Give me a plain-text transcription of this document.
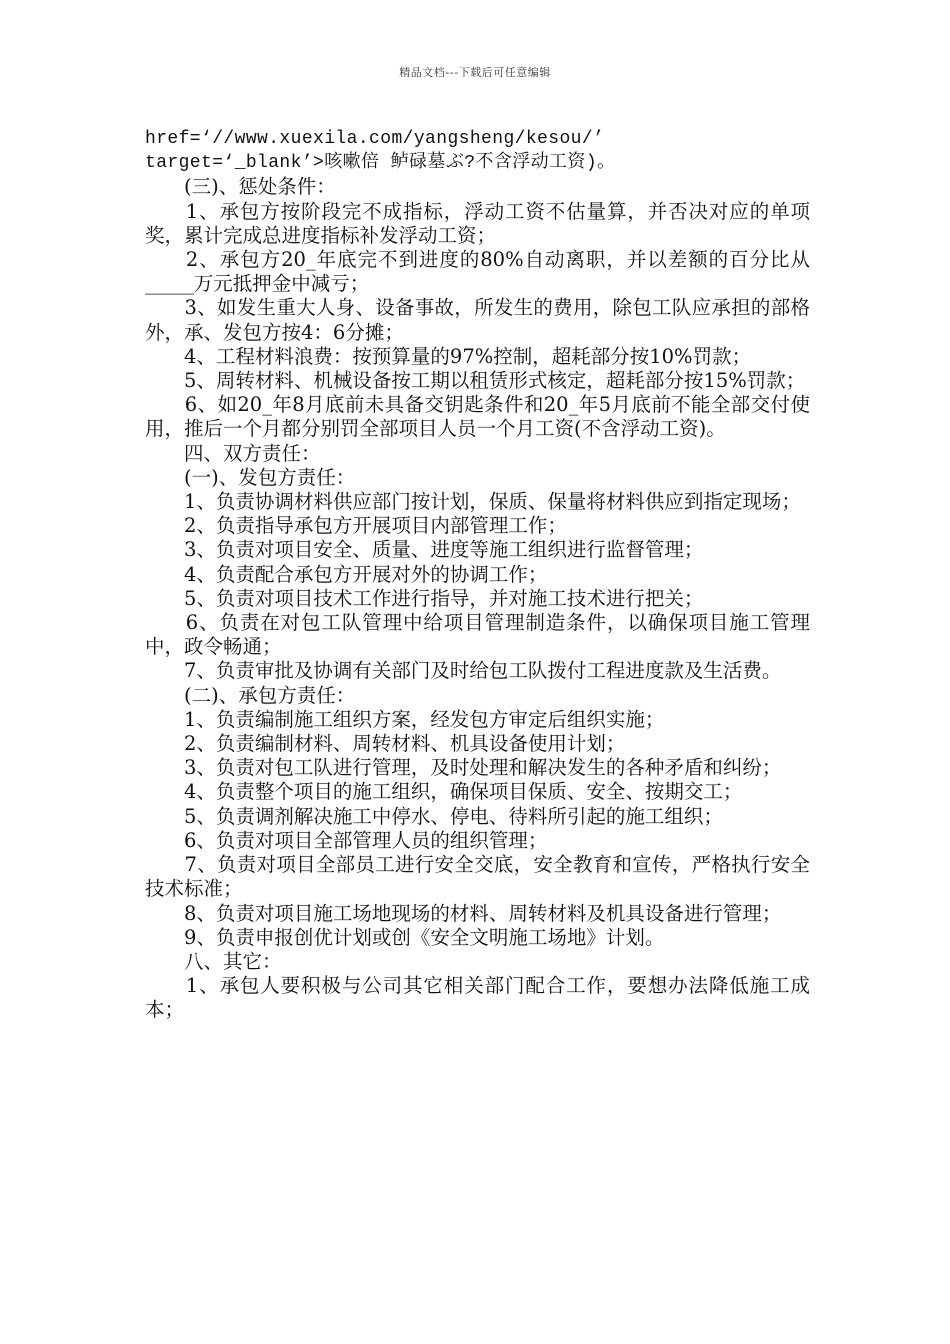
精品文档---下载后可任意编辑
href=‘//www.xuexila.com/yangsheng/kesou/’
target=‘_blank’>咳嗽倍 鲈碌墓ぶ?不含浮动工资)。
　　(三)、惩处条件：
　　1、承包方按阶段完不成指标，浮动工资不估量算，并否决对应的单项奖，累计完成总进度指标补发浮动工资；
　　2、承包方20_年底完不到进度的80%自动离职，并以差额的百分比从_____万元抵押金中减亏；
　　3、如发生重大人身、设备事故，所发生的费用，除包工队应承担的部格外，承、发包方按4：6分摊；
　　4、工程材料浪费：按预算量的97%控制，超耗部分按10%罚款；
　　5、周转材料、机械设备按工期以租赁形式核定，超耗部分按15%罚款；
　　6、如20_年8月底前未具备交钥匙条件和20_年5月底前不能全部交付使用，推后一个月都分别罚全部项目人员一个月工资(不含浮动工资)。
　　四、双方责任：
　　(一)、发包方责任：
　　1、负责协调材料供应部门按计划，保质、保量将材料供应到指定现场；
　　2、负责指导承包方开展项目内部管理工作；
　　3、负责对项目安全、质量、进度等施工组织进行监督管理；
　　4、负责配合承包方开展对外的协调工作；
　　5、负责对项目技术工作进行指导，并对施工技术进行把关；
　　6、负责在对包工队管理中给项目管理制造条件，以确保项目施工管理中，政令畅通；
　　7、负责审批及协调有关部门及时给包工队拨付工程进度款及生活费。
　　(二)、承包方责任：
　　1、负责编制施工组织方案，经发包方审定后组织实施；
　　2、负责编制材料、周转材料、机具设备使用计划；
　　3、负责对包工队进行管理，及时处理和解决发生的各种矛盾和纠纷；
　　4、负责整个项目的施工组织，确保项目保质、安全、按期交工；
　　5、负责调剂解决施工中停水、停电、待料所引起的施工组织；
　　6、负责对项目全部管理人员的组织管理；
　　7、负责对项目全部员工进行安全交底，安全教育和宣传，严格执行安全技术标准；
　　8、负责对项目施工场地现场的材料、周转材料及机具设备进行管理；
　　9、负责申报创优计划或创《安全文明施工场地》计划。
　　八、其它：
　　1、承包人要积极与公司其它相关部门配合工作，要想办法降低施工成本；
